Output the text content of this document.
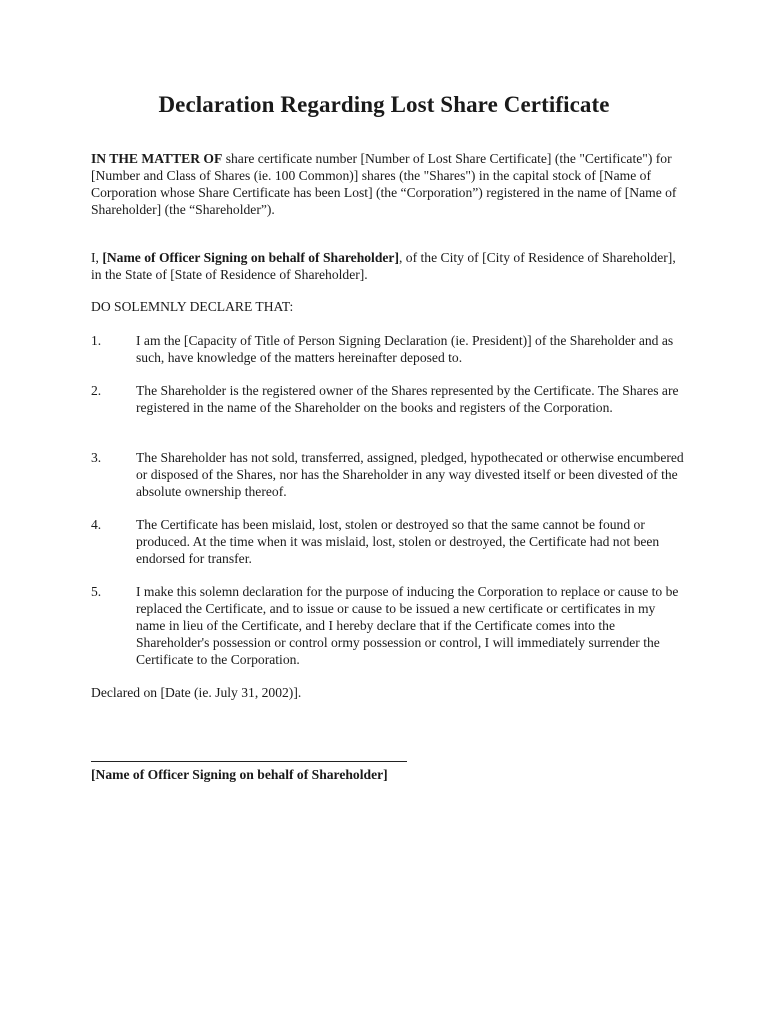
Declaration Regarding Lost Share Certificate

IN THE MATTER OF share certificate number [Number of Lost Share Certificate] (the "Certificate") for [Number and Class of Shares (ie. 100 Common)] shares (the "Shares") in the capital stock of [Name of Corporation whose Share Certificate has been Lost] (the “Corporation”) registered in the name of [Name of Shareholder] (the “Shareholder”).

I, [Name of Officer Signing on behalf of Shareholder], of the City of [City of Residence of Shareholder], in the State of [State of Residence of Shareholder].

DO SOLEMNLY DECLARE THAT:

1.	I am the [Capacity of Title of Person Signing Declaration (ie. President)] of the Shareholder and as such, have knowledge of the matters hereinafter deposed to.

2.	The Shareholder is the registered owner of the Shares represented by the Certificate. The Shares are registered in the name of the Shareholder on the books and registers of the Corporation.

3.	The Shareholder has not sold, transferred, assigned, pledged, hypothecated or otherwise encumbered or disposed of the Shares, nor has the Shareholder in any way divested itself or been divested of the absolute ownership thereof.

4.	The Certificate has been mislaid, lost, stolen or destroyed so that the same cannot be found or produced. At the time when it was mislaid, lost, stolen or destroyed, the Certificate had not been endorsed for transfer.

5.	I make this solemn declaration for the purpose of inducing the Corporation to replace or cause to be replaced the Certificate, and to issue or cause to be issued a new certificate or certificates in my name in lieu of the Certificate, and I hereby declare that if the Certificate comes into the Shareholder's possession or control ormy possession or control, I will immediately surrender the Certificate to the Corporation.

Declared on [Date (ie. July 31, 2002)].

[Name of Officer Signing on behalf of Shareholder]
